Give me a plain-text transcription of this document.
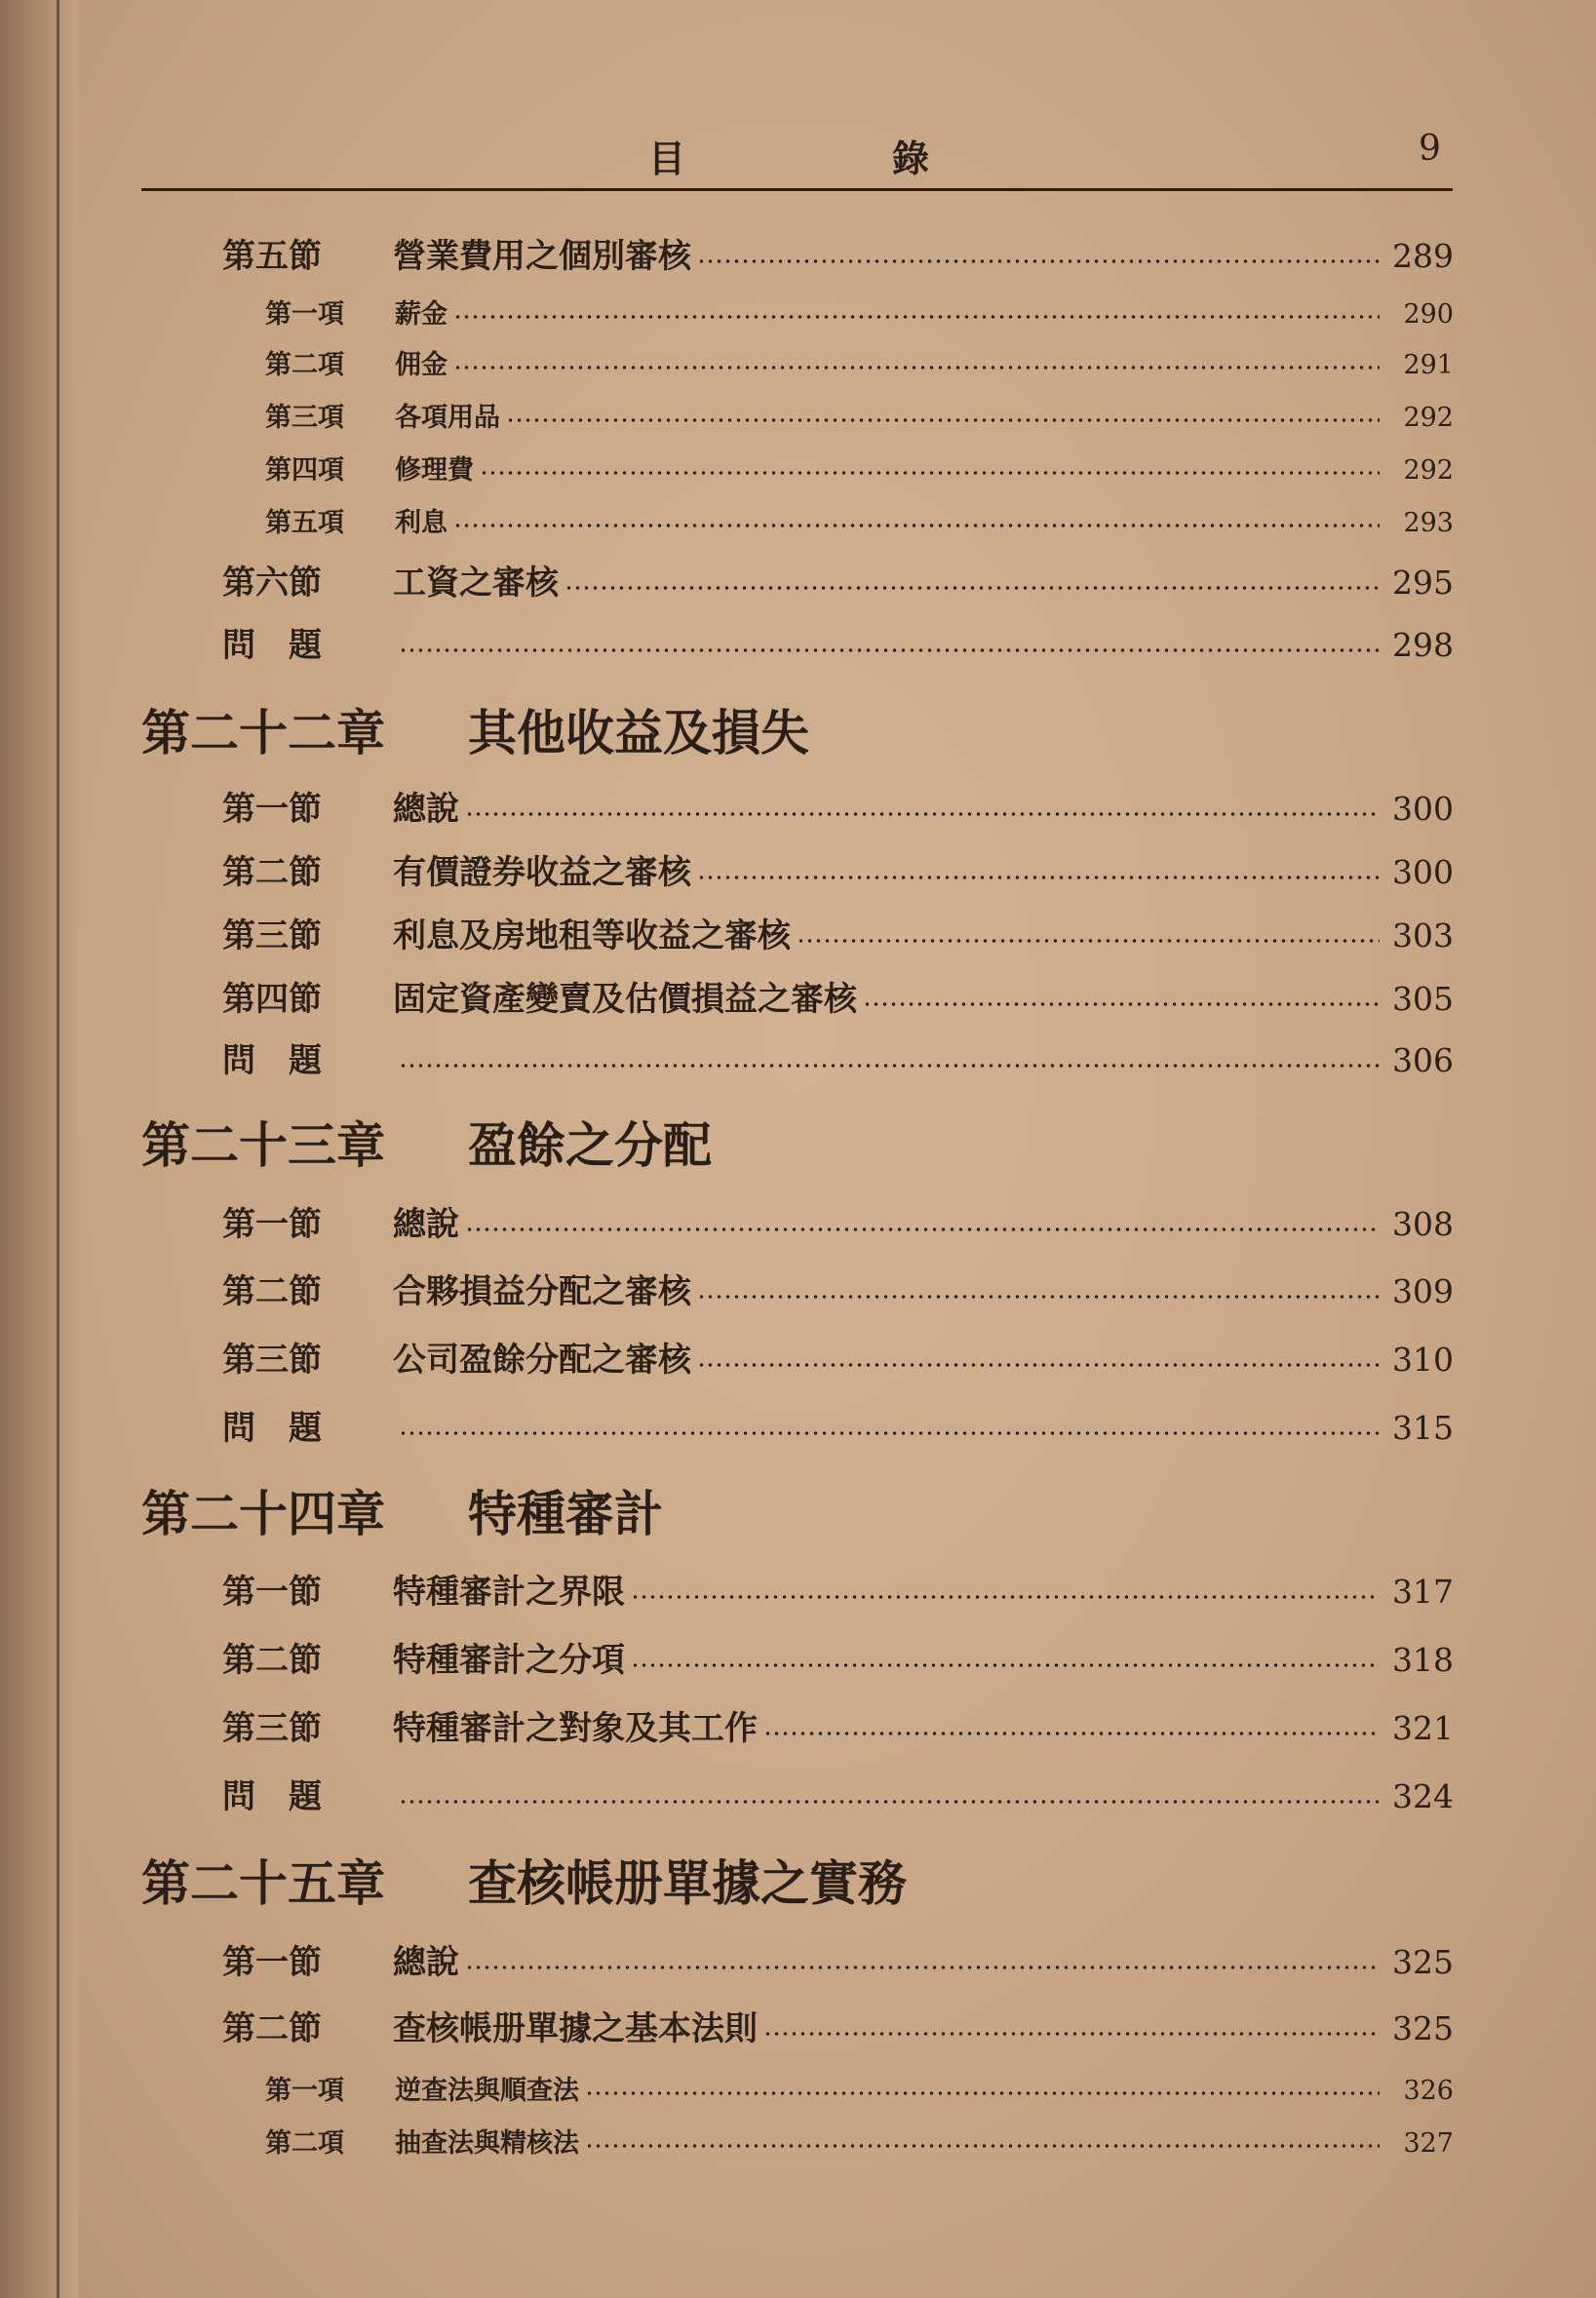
目	錄	9
第五節	營業費用之個別審核	289
第一項	薪金	290
第二項	佣金	291
第三項	各項用品	292
第四項	修理費	292
第五項	利息	293
第六節	工資之審核	295
問　題	298
第二十二章 其他收益及損失
第一節	總說	300
第二節	有價證券收益之審核	300
第三節	利息及房地租等收益之審核	303
第四節	固定資產變賣及估價損益之審核	305
問　題	306
第二十三章 盈餘之分配
第一節	總說	308
第二節	合夥損益分配之審核	309
第三節	公司盈餘分配之審核	310
問　題	315
第二十四章 特種審計
第一節	特種審計之界限	317
第二節	特種審計之分項	318
第三節	特種審計之對象及其工作	321
問　題	324
第二十五章 查核帳册單據之實務
第一節	總說	325
第二節	查核帳册單據之基本法則	325
第一項	逆查法與順查法	326
第二項	抽查法與精核法	327
